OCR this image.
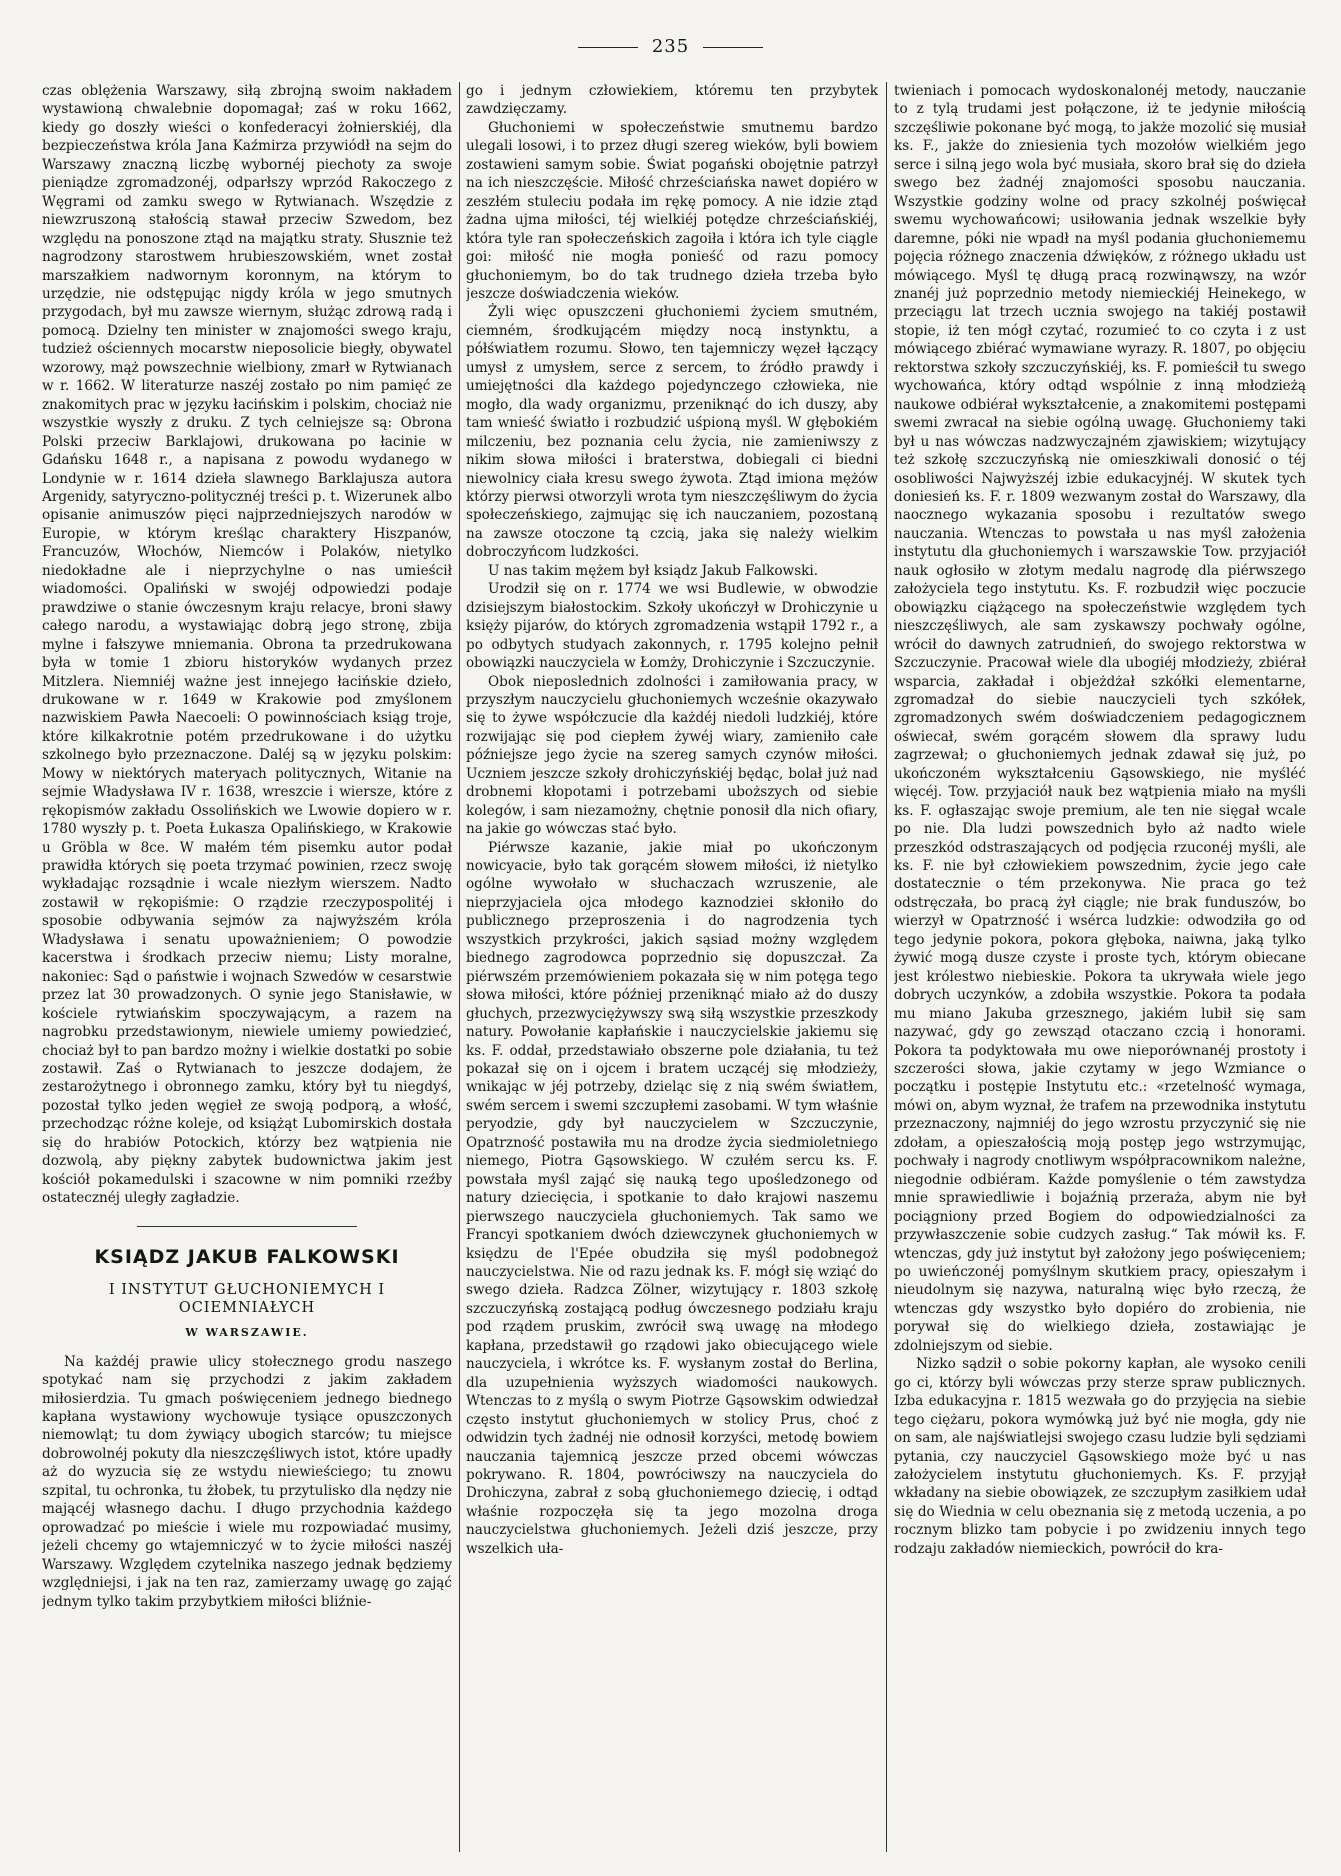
235

czas oblężenia Warszawy, siłą zbrojną swoim nakładem wystawioną chwalebnie dopomagał; zaś w roku 1662, kiedy go doszły wieści o konfederacyi żołnierskiéj, dla bezpieczeństwa króla Jana Kaźmirza przywiódł na sejm do Warszawy znaczną liczbę wybornéj piechoty za swoje pieniądze zgromadzonéj, odparłszy wprzód Rakoczego z Węgrami od zamku swego w Rytwianach. Wszędzie z niewzruszoną stałością stawał przeciw Szwedom, bez względu na ponoszone ztąd na majątku straty. Słusznie też nagrodzony starostwem hrubieszowskiém, wnet został marszałkiem nadwornym koronnym, na którym to urzędzie, nie odstępując nigdy króla w jego smutnych przygodach, był mu zawsze wiernym, służąc zdrową radą i pomocą. Dzielny ten minister w znajomości swego kraju, tudzież ościennych mocarstw nieposolicie biegły, obywatel wzorowy, mąż powszechnie wielbiony, zmarł w Rytwianach w r. 1662. W literaturze naszéj zostało po nim pamięć ze znakomitych prac w języku łacińskim i polskim, chociaż nie wszystkie wyszły z druku. Z tych celniejsze są: Obrona Polski przeciw Barklajowi, drukowana po łacinie w Gdańsku 1648 r., a napisana z powodu wydanego w Londynie w r. 1614 dzieła slawnego Barklajusza autora Argenidy, satyryczno-politycznéj treści p. t. Wizerunek albo opisanie animuszów pięci najprzedniejszych narodów w Europie, w którym kreśląc charaktery Hiszpanów, Francuzów, Włochów, Niemców i Polaków, nietylko niedokładne ale i nieprzychylne o nas umieścił wiadomości. Opaliński w swojéj odpowiedzi podaje prawdziwe o stanie ówczesnym kraju relacye, broni sławy całego narodu, a wystawiając dobrą jego stronę, zbija mylne i fałszywe mniemania. Obrona ta przedrukowana była w tomie 1 zbioru historyków wydanych przez Mitzlera. Niemniéj ważne jest innejego łacińskie dzieło, drukowane w r. 1649 w Krakowie pod zmyślonem nazwiskiem Pawła Naecoeli: O powinnościach ksiąg troje, które kilkakrotnie potém przedrukowane i do użytku szkolnego było przeznaczone. Daléj są w języku polskim: Mowy w niektórych materyach politycznych, Witanie na sejmie Władysława IV r. 1638, wreszcie i wiersze, które z rękopismów zakładu Ossolińskich we Lwowie dopiero w r. 1780 wyszły p. t. Poeta Łukasza Opalińskiego, w Krakowie u Gröbla w 8ce. W małém tém pisemku autor podał prawidła których się poeta trzymać powinien, rzecz swoję wykładając rozsądnie i wcale niezłym wierszem. Nadto zostawił w rękopiśmie: O rządzie rzeczypospolitéj i sposobie odbywania sejmów za najwyższém króla Władysława i senatu upoważnieniem; O powodzie kacerstwa i środkach przeciw niemu; Listy moralne, nakoniec: Sąd o państwie i wojnach Szwedów w cesarstwie przez lat 30 prowadzonych. O synie jego Stanisławie, w kościele rytwiańskim spoczywającym, a razem na nagrobku przedstawionym, niewiele umiemy powiedzieć, chociaż był to pan bardzo możny i wielkie dostatki po sobie zostawił. Zaś o Rytwianach to jeszcze dodajem, że zestarożytnego i obronnego zamku, który był tu niegdyś, pozostał tylko jeden węgieł ze swoją podporą, a włość, przechodząc różne koleje, od książąt Lubomirskich dostała się do hrabiów Potockich, którzy bez wątpienia nie dozwolą, aby piękny zabytek budownictwa jakim jest kościół pokamedulski i szacowne w nim pomniki rzeźby ostatecznéj uległy zagładzie.

KSIĄDZ JAKUB FALKOWSKI
I INSTYTUT GŁUCHONIEMYCH I OCIEMNIAŁYCH
W WARSZAWIE.

Na każdéj prawie ulicy stołecznego grodu naszego spotykać nam się przychodzi z jakim zakładem miłosierdzia. Tu gmach poświęceniem jednego biednego kapłana wystawiony wychowuje tysiące opuszczonych niemowląt; tu dom żywiący ubogich starców; tu miejsce dobrowolnéj pokuty dla nieszczęśliwych istot, które upadły aż do wyzucia się ze wstydu niewieściego; tu znowu szpital, tu ochronka, tu żłobek, tu przytulisko dla nędzy nie mającéj własnego dachu. I długo przychodnia każdego oprowadzać po mieście i wiele mu rozpowiadać musimy, jeżeli chcemy go wtajemniczyć w to życie miłości naszéj Warszawy. Względem czytelnika naszego jednak będziemy względniejsi, i jak na ten raz, zamierzamy uwagę go zająć jednym tylko takim przybytkiem miłości bliźnie-

go i jednym człowiekiem, któremu ten przybytek zawdzięczamy.

Głuchoniemi w społeczeństwie smutnemu bardzo ulegali losowi, i to przez długi szereg wieków, byli bowiem zostawieni samym sobie. Świat pogański obojętnie patrzył na ich nieszczęście. Miłość chrześciańska nawet dopiéro w zeszłém stuleciu podała im rękę pomocy. A nie idzie ztąd żadna ujma miłości, téj wielkiéj potędze chrześciańskiéj, która tyle ran społeczeńskich zagoiła i która ich tyle ciągle goi: miłość nie mogła ponieść od razu pomocy głuchoniemym, bo do tak trudnego dzieła trzeba było jeszcze doświadczenia wieków.

Żyli więc opuszczeni głuchoniemi życiem smutném, ciemném, środkującém między nocą instynktu, a półświatłem rozumu. Słowo, ten tajemniczy węzeł łączący umysł z umysłem, serce z sercem, to źródło prawdy i umiejętności dla każdego pojedynczego człowieka, nie mogło, dla wady organizmu, przeniknąć do ich duszy, aby tam wnieść światło i rozbudzić uśpioną myśl. W głębokiém milczeniu, bez poznania celu życia, nie zamieniwszy z nikim słowa miłości i braterstwa, dobiegali ci biedni niewolnicy ciała kresu swego żywota. Ztąd imiona mężów którzy pierwsi otworzyli wrota tym nieszczęśliwym do życia społeczeńskiego, zajmując się ich nauczaniem, pozostaną na zawsze otoczone tą czcią, jaka się należy wielkim dobroczyńcom ludzkości.

U nas takim mężem był ksiądz Jakub Falkowski.

Urodził się on r. 1774 we wsi Budlewie, w obwodzie dzisiejszym białostockim. Szkoły ukończył w Drohiczynie u księży pijarów, do których zgromadzenia wstąpił 1792 r., a po odbytych studyach zakonnych, r. 1795 kolejno pełnił obowiązki nauczyciela w Łomży, Drohiczynie i Szczuczynie.

Obok nieposlednich zdolności i zamiłowania pracy, w przyszłym nauczycielu głuchoniemych wcześnie okazywało się to żywe współczucie dla każdéj niedoli ludzkiéj, które rozwijając się pod ciepłem żywéj wiary, zamieniło całe późniejsze jego życie na szereg samych czynów miłości. Uczniem jeszcze szkoły drohiczyńskiéj będąc, bolał już nad drobnemi kłopotami i potrzebami uboższych od siebie kolegów, i sam niezamożny, chętnie ponosił dla nich ofiary, na jakie go wówczas stać było.

Piérwsze kazanie, jakie miał po ukończonym nowicyacie, było tak gorącém słowem miłości, iż nietylko ogólne wywołało w słuchaczach wzruszenie, ale nieprzyjaciela ojca młodego kaznodziei skłoniło do publicznego przeproszenia i do nagrodzenia tych wszystkich przykrości, jakich sąsiad możny względem biednego zagrodowca poprzednio się dopuszczał. Za piérwszém przemówieniem pokazała się w nim potęga tego słowa miłości, które później przeniknąć miało aż do duszy głuchych, przezwyciężywszy swą siłą wszystkie przeszkody natury. Powołanie kapłańskie i nauczycielskie jakiemu się ks. F. oddał, przedstawiało obszerne pole działania, tu też pokazał się on i ojcem i bratem uczącéj się młodzieży, wnikając w jéj potrzeby, dzieląc się z nią swém światłem, swém sercem i swemi szczupłemi zasobami. W tym właśnie peryodzie, gdy był nauczycielem w Szczuczynie, Opatrzność postawiła mu na drodze życia siedmioletniego niemego, Piotra Gąsowskiego. W czułém sercu ks. F. powstała myśl zająć się nauką tego upośledzonego od natury dziecięcia, i spotkanie to dało krajowi naszemu pierwszego nauczyciela głuchoniemych. Tak samo we Francyi spotkaniem dwóch dziewczynek głuchoniemych w księdzu de l'Epée obudziła się myśl podobnegoż nauczycielstwa. Nie od razu jednak ks. F. mógł się wziąć do swego dzieła. Radzca Zölner, wizytujący r. 1803 szkołę szczuczyńską zostającą podług ówczesnego podziału kraju pod rządem pruskim, zwrócił swą uwagę na młodego kapłana, przedstawił go rządowi jako obiecującego wiele nauczyciela, i wkrótce ks. F. wysłanym został do Berlina, dla uzupełnienia wyższych wiadomości naukowych. Wtenczas to z myślą o swym Piotrze Gąsowskim odwiedzał często instytut głuchoniemych w stolicy Prus, choć z odwidzin tych żadnéj nie odnosił korzyści, metodę bowiem nauczania tajemnicą jeszcze przed obcemi wówczas pokrywano. R. 1804, powróciwszy na nauczyciela do Drohiczyna, zabrał z sobą głuchoniemego dziecię, i odtąd właśnie rozpoczęła się ta jego mozolna droga nauczycielstwa głuchoniemych. Jeżeli dziś jeszcze, przy wszelkich uła-

twieniach i pomocach wydoskonalonéj metody, nauczanie to z tylą trudami jest połączone, iż te jedynie miłością szczęśliwie pokonane być mogą, to jakże mozolić się musiał ks. F., jakże do zniesienia tych mozołów wielkiém jego serce i silną jego wola być musiała, skoro brał się do dzieła swego bez żadnéj znajomości sposobu nauczania. Wszystkie godziny wolne od pracy szkolnéj poświęcał swemu wychowańcowi; usiłowania jednak wszelkie były daremne, póki nie wpadł na myśl podania głuchoniememu pojęcia różnego znaczenia dźwięków, z różnego układu ust mówiącego. Myśl tę długą pracą rozwinąwszy, na wzór znanéj już poprzednio metody niemieckiéj Heinekego, w przeciągu lat trzech ucznia swojego na takiéj postawił stopie, iż ten mógł czytać, rozumieć to co czyta i z ust mówiącego zbiérać wymawiane wyrazy. R. 1807, po objęciu rektorstwa szkoły szczuczyńskiéj, ks. F. pomieścił tu swego wychowańca, który odtąd wspólnie z inną młodzieżą naukowe odbiérał wykształcenie, a znakomitemi postępami swemi zwracał na siebie ogólną uwagę. Głuchoniemy taki był u nas wówczas nadzwyczajném zjawiskiem; wizytujący też szkołę szczuczyńską nie omieszkiwali donosić o téj osobliwości Najwyższéj izbie edukacyjnéj. W skutek tych doniesień ks. F. r. 1809 wezwanym został do Warszawy, dla naocznego wykazania sposobu i rezultatów swego nauczania. Wtenczas to powstała u nas myśl założenia instytutu dla głuchoniemych i warszawskie Tow. przyjaciół nauk ogłosiło w złotym medalu nagrodę dla piérwszego założyciela tego instytutu. Ks. F. rozbudził więc poczucie obowiązku ciążącego na społeczeństwie względem tych nieszczęśliwych, ale sam zyskawszy pochwały ogólne, wrócił do dawnych zatrudnień, do swojego rektorstwa w Szczuczynie. Pracował wiele dla ubogiéj młodzieży, zbiérał wsparcia, zakładał i objeżdżał szkółki elementarne, zgromadzał do siebie nauczycieli tych szkółek, zgromadzonych swém doświadczeniem pedagogicznem oświecał, swém gorącém słowem dla sprawy ludu zagrzewał; o głuchoniemych jednak zdawał się już, po ukończoném wykształceniu Gąsowskiego, nie myśléć więcéj. Tow. przyjaciół nauk bez wątpienia miało na myśli ks. F. ogłaszając swoje premium, ale ten nie sięgał wcale po nie. Dla ludzi powszednich było aż nadto wiele przeszkód odstraszających od podjęcia rzuconéj myśli, ale ks. F. nie był człowiekiem powszednim, życie jego całe dostatecznie o tém przekonywa. Nie praca go też odstręczała, bo pracą żył ciągle; nie brak funduszów, bo wierzył w Opatrzność i wsérca ludzkie: odwodziła go od tego jedynie pokora, pokora głęboka, naiwna, jaką tylko żywić mogą dusze czyste i proste tych, którym obiecane jest królestwo niebieskie. Pokora ta ukrywała wiele jego dobrych uczynków, a zdobiła wszystkie. Pokora ta podała mu miano Jakuba grzesznego, jakiém lubił się sam nazywać, gdy go zewsząd otaczano czcią i honorami. Pokora ta podyktowała mu owe nieporównanéj prostoty i szczerości słowa, jakie czytamy w jego Wzmiance o początku i postępie Instytutu etc.: «rzetelność wymaga, mówi on, abym wyznał, że trafem na przewodnika instytutu przeznaczony, najmniéj do jego wzrostu przyczynić się nie zdołam, a opieszałością moją postęp jego wstrzymując, pochwały i nagrody cnotliwym współpracownikom należne, niegodnie odbiéram. Każde pomyślenie o tém zawstydza mnie sprawiedliwie i bojaźnią przeraża, abym nie był pociągniony przed Bogiem do odpowiedzialności za przywłaszczenie sobie cudzych zasług.“ Tak mówił ks. F. wtenczas, gdy już instytut był założony jego poświęceniem; po uwieńczonéj pomyślnym skutkiem pracy, opieszałym i nieudolnym się nazywa, naturalną więc było rzeczą, że wtenczas gdy wszystko było dopiéro do zrobienia, nie porywał się do wielkiego dzieła, zostawiając je zdolniejszym od siebie.

Nizko sądził o sobie pokorny kapłan, ale wysoko cenili go ci, którzy byli wówczas przy sterze spraw publicznych. Izba edukacyjna r. 1815 wezwała go do przyjęcia na siebie tego ciężaru, pokora wymówką już być nie mogła, gdy nie on sam, ale najświatlejsi swojego czasu ludzie byli sędziami pytania, czy nauczyciel Gąsowskiego może być u nas założycielem instytutu głuchoniemych. Ks. F. przyjął wkładany na siebie obowiązek, ze szczupłym zasiłkiem udał się do Wiednia w celu obeznania się z metodą uczenia, a po rocznym blizko tam pobycie i po zwidzeniu innych tego rodzaju zakładów niemieckich, powrócił do kra-
